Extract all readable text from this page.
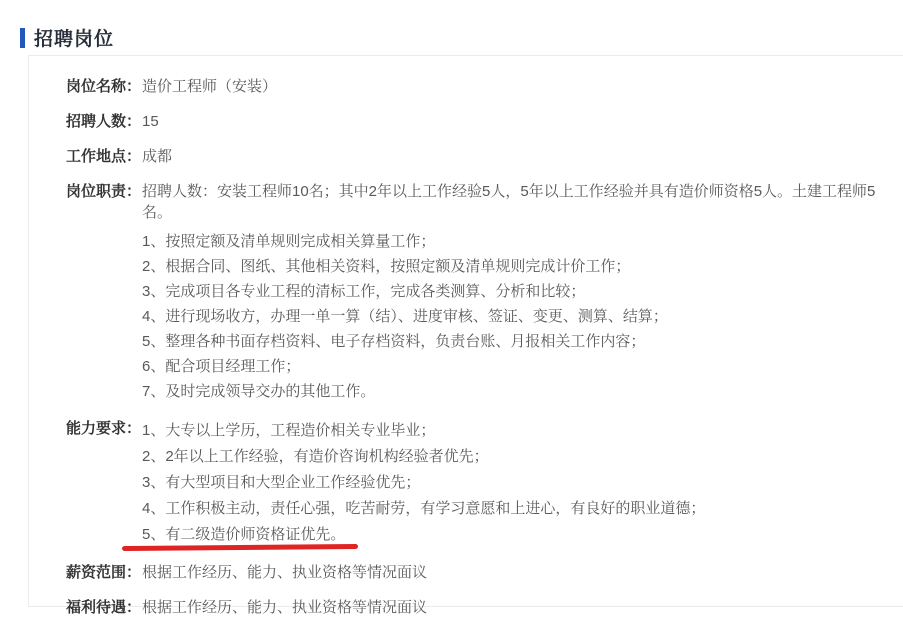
招聘岗位
岗位名称： 造价工程师（安装）
招聘人数： 15
工作地点： 成都
岗位职责： 招聘人数：安装工程师10名；其中2年以上工作经验5人，5年以上工作经验并具有造价师资格5人。土建工程师5名。
1、按照定额及清单规则完成相关算量工作；
2、根据合同、图纸、其他相关资料，按照定额及清单规则完成计价工作；
3、完成项目各专业工程的清标工作，完成各类测算、分析和比较；
4、进行现场收方，办理一单一算（结）、进度审核、签证、变更、测算、结算；
5、整理各种书面存档资料、电子存档资料，负责台账、月报相关工作内容；
6、配合项目经理工作；
7、及时完成领导交办的其他工作。
能力要求： 1、大专以上学历，工程造价相关专业毕业；
2、2年以上工作经验，有造价咨询机构经验者优先；
3、有大型项目和大型企业工作经验优先；
4、工作积极主动，责任心强，吃苦耐劳，有学习意愿和上进心，有良好的职业道德；
5、有二级造价师资格证优先。
薪资范围： 根据工作经历、能力、执业资格等情况面议
福利待遇： 根据工作经历、能力、执业资格等情况面议
